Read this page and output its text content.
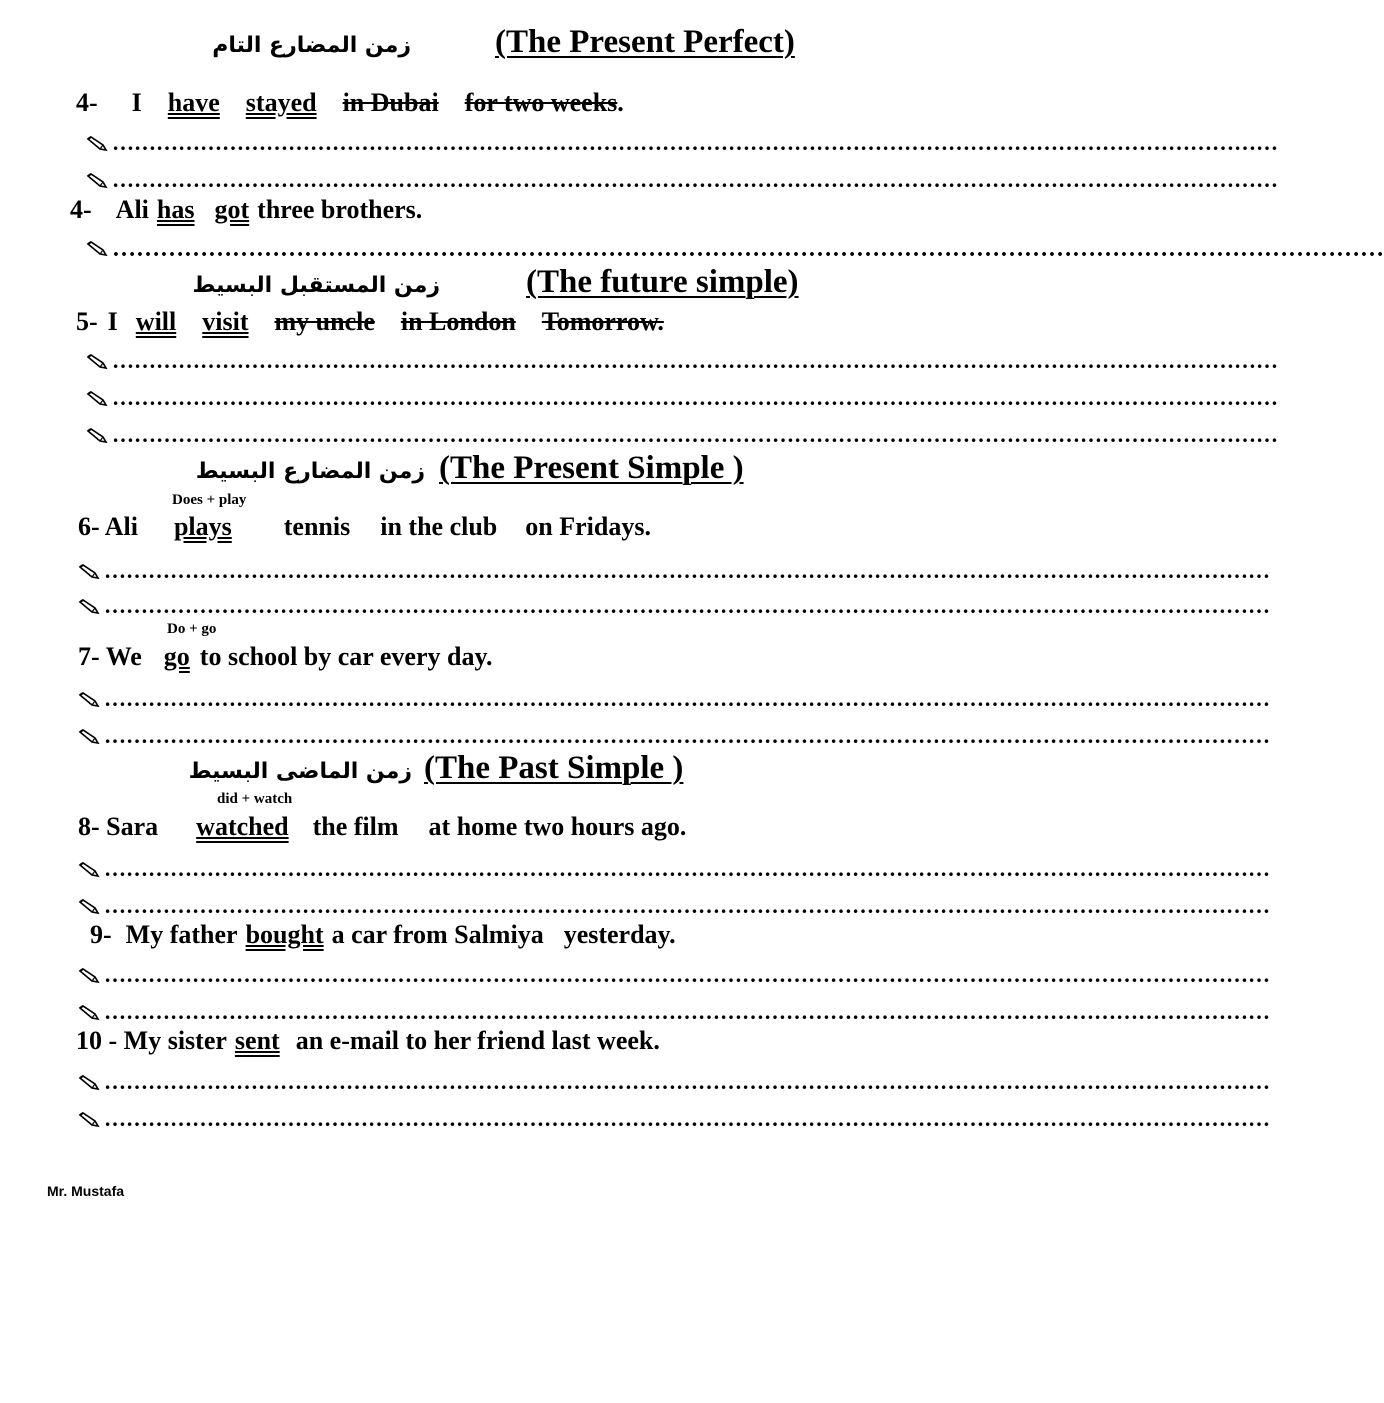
زمن المضارع التام	(The Present Perfect)
4- I have stayed in Dubai for two weeks.
……………………………………………………………………………………………………………………………………………
……………………………………………………………………………………………………………………………………………
4- Ali has got three brothers.
……………………………………………………………………………………………………………………………………………
زمن المستقبل البسيط	(The future simple)
5- I will visit my uncle in London Tomorrow.
……………………………………………………………………………………………………………………………………………
……………………………………………………………………………………………………………………………………………
……………………………………………………………………………………………………………………………………………
زمن المضارع البسيط (The Present Simple )
Does + play
6- Ali plays tennis in the club on Fridays.
……………………………………………………………………………………………………………………………………………
……………………………………………………………………………………………………………………………………………
Do + go
7- We go to school by car every day.
……………………………………………………………………………………………………………………………………………
……………………………………………………………………………………………………………………………………………
زمن الماضى البسيط (The Past Simple )
did + watch
8- Sara watched the film at home two hours ago.
……………………………………………………………………………………………………………………………………………
……………………………………………………………………………………………………………………………………………
9- My father bought a car from Salmiya yesterday.
……………………………………………………………………………………………………………………………………………
……………………………………………………………………………………………………………………………………………
10 - My sister sent an e-mail to her friend last week.
……………………………………………………………………………………………………………………………………………
……………………………………………………………………………………………………………………………………………
Mr. Mustafa
